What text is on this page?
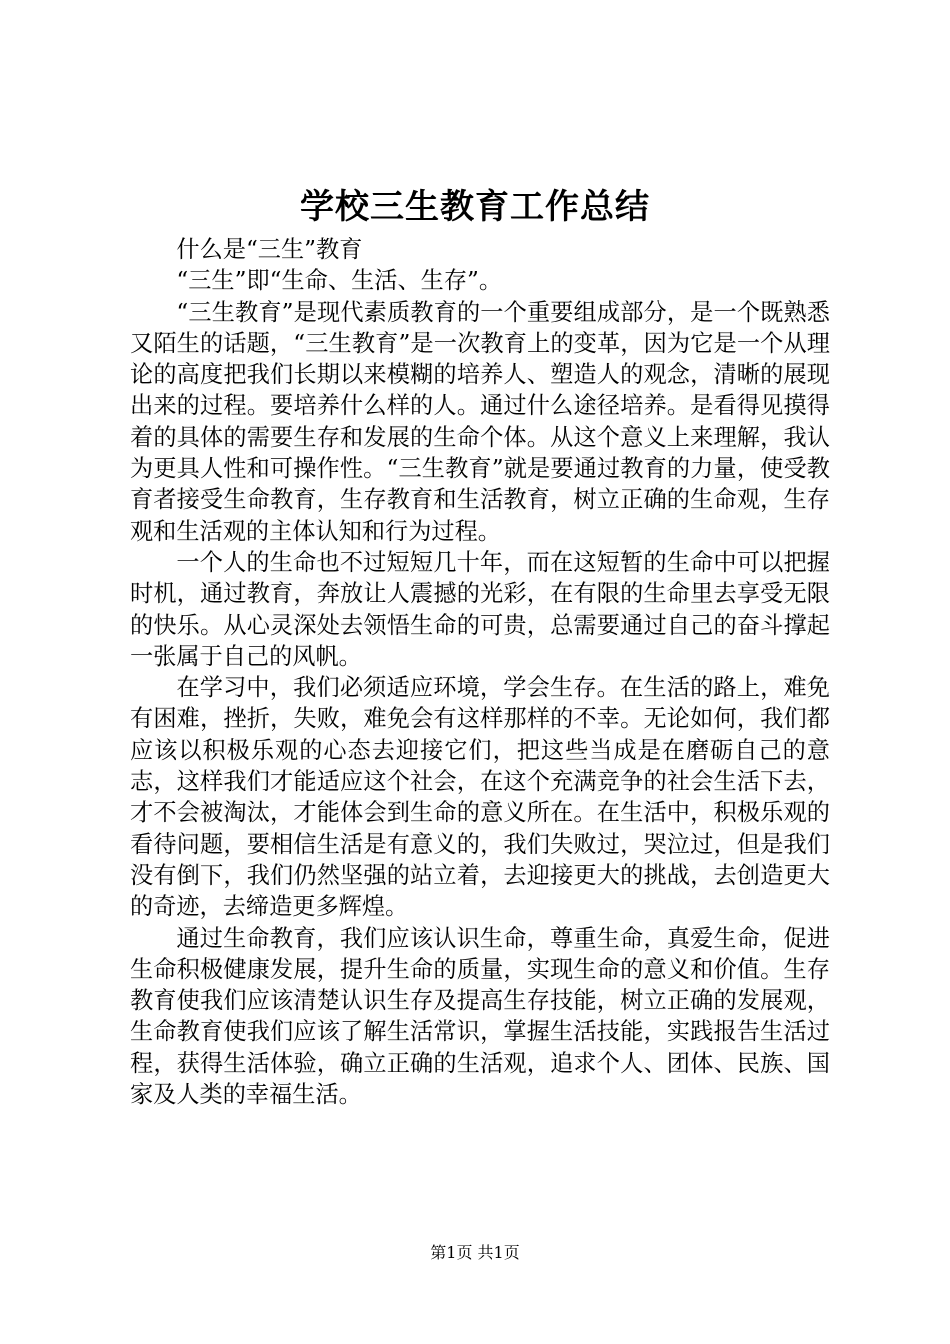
学校三生教育工作总结

什么是“三生”教育

“三生”即“生命、生活、生存”。

“三生教育”是现代素质教育的一个重要组成部分，是一个既熟悉又陌生的话题，“三生教育”是一次教育上的变革，因为它是一个从理论的高度把我们长期以来模糊的培养人、塑造人的观念，清晰的展现出来的过程。要培养什么样的人。通过什么途径培养。是看得见摸得着的具体的需要生存和发展的生命个体。从这个意义上来理解，我认为更具人性和可操作性。“三生教育”就是要通过教育的力量，使受教育者接受生命教育，生存教育和生活教育，树立正确的生命观，生存观和生活观的主体认知和行为过程。

一个人的生命也不过短短几十年，而在这短暂的生命中可以把握时机，通过教育，奔放让人震撼的光彩，在有限的生命里去享受无限的快乐。从心灵深处去领悟生命的可贵，总需要通过自己的奋斗撑起一张属于自己的风帆。

在学习中，我们必须适应环境，学会生存。在生活的路上，难免有困难，挫折，失败，难免会有这样那样的不幸。无论如何，我们都应该以积极乐观的心态去迎接它们，把这些当成是在磨砺自己的意志，这样我们才能适应这个社会，在这个充满竞争的社会生活下去，才不会被淘汰，才能体会到生命的意义所在。在生活中，积极乐观的看待问题，要相信生活是有意义的，我们失败过，哭泣过，但是我们没有倒下，我们仍然坚强的站立着，去迎接更大的挑战，去创造更大的奇迹，去缔造更多辉煌。

通过生命教育，我们应该认识生命，尊重生命，真爱生命，促进生命积极健康发展，提升生命的质量，实现生命的意义和价值。生存教育使我们应该清楚认识生存及提高生存技能，树立正确的发展观，生命教育使我们应该了解生活常识，掌握生活技能，实践报告生活过程，获得生活体验，确立正确的生活观，追求个人、团体、民族、国家及人类的幸福生活。

第1页 共1页
